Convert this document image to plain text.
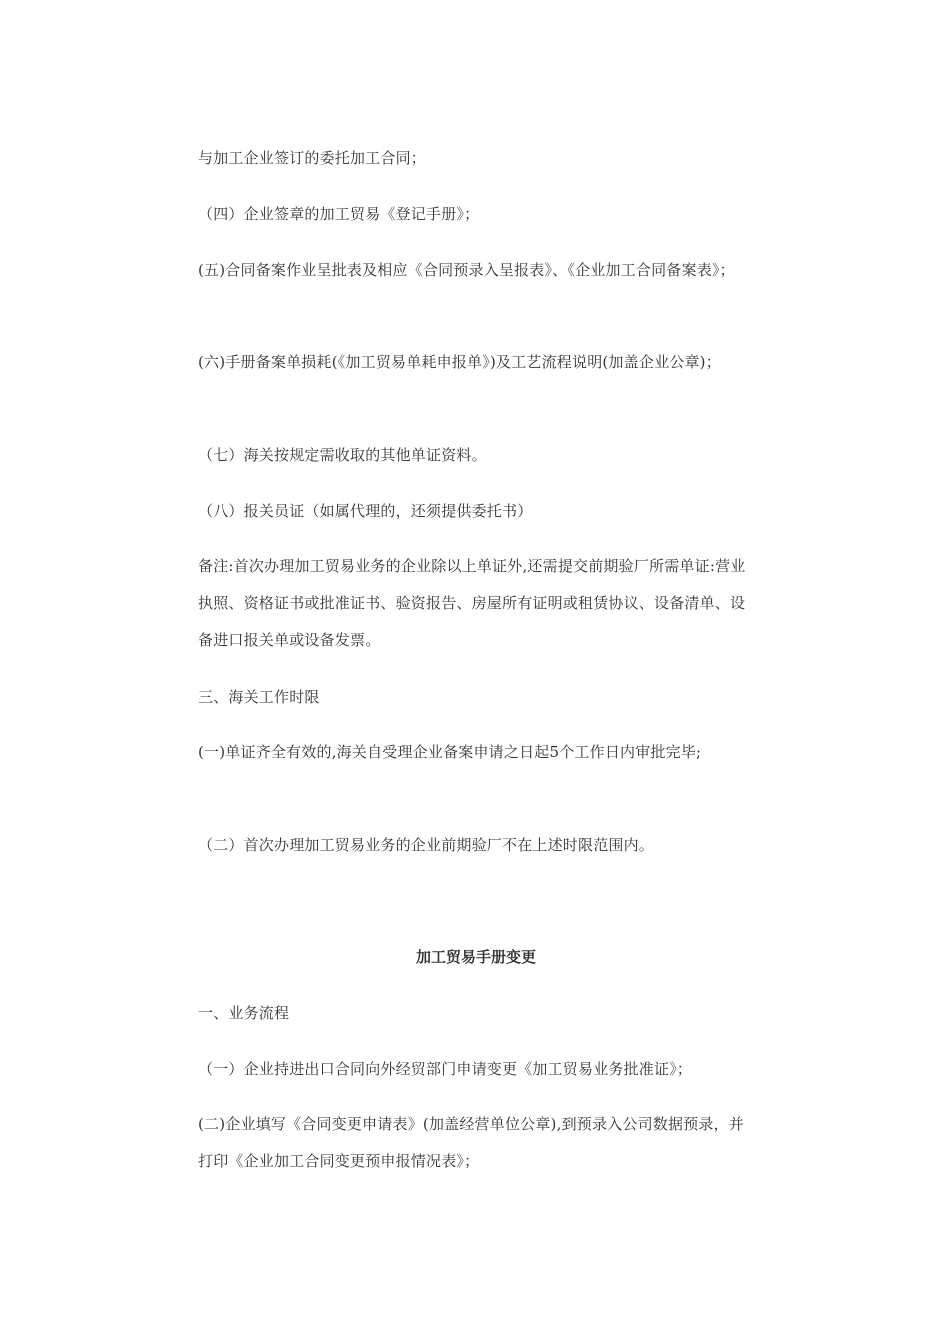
与加工企业签订的委托加工合同；

（四）企业签章的加工贸易《登记手册》；

(五)合同备案作业呈批表及相应《合同预录入呈报表》、《企业加工合同备案表》；

(六)手册备案单损耗(《加工贸易单耗申报单》)及工艺流程说明(加盖企业公章)；

（七）海关按规定需收取的其他单证资料。

（八）报关员证（如属代理的，还须提供委托书）

备注:首次办理加工贸易业务的企业除以上单证外,还需提交前期验厂所需单证:营业执照、资格证书或批准证书、验资报告、房屋所有证明或租赁协议、设备清单、设备进口报关单或设备发票。

三、海关工作时限

(一)单证齐全有效的,海关自受理企业备案申请之日起5个工作日内审批完毕;

（二）首次办理加工贸易业务的企业前期验厂不在上述时限范围内。

加工贸易手册变更

一、业务流程

（一）企业持进出口合同向外经贸部门申请变更《加工贸易业务批准证》；

(二)企业填写《合同变更申请表》(加盖经营单位公章),到预录入公司数据预录，并打印《企业加工合同变更预申报情况表》；
